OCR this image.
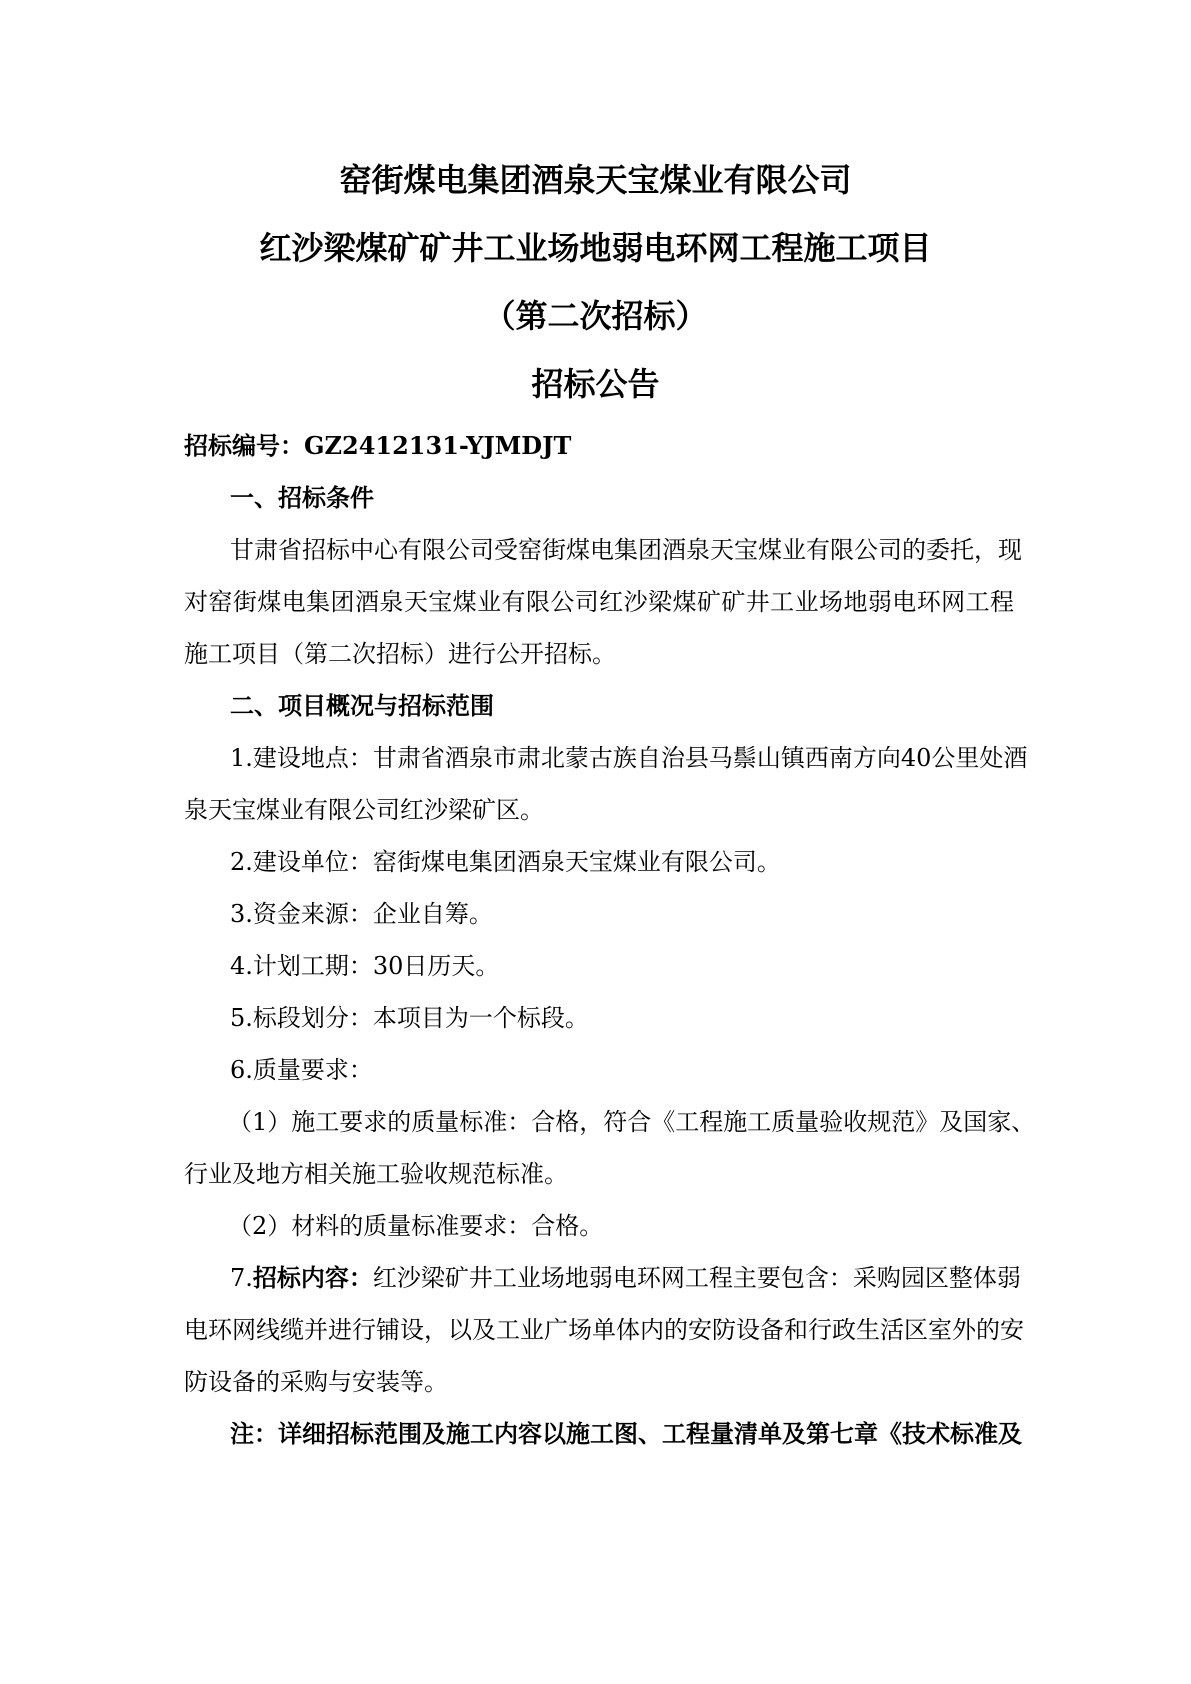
窑街煤电集团酒泉天宝煤业有限公司
红沙梁煤矿矿井工业场地弱电环网工程施工项目
（第二次招标）
招标公告
招标编号：GZ2412131-YJMDJT
一、招标条件
甘肃省招标中心有限公司受窑街煤电集团酒泉天宝煤业有限公司的委托，现
对窑街煤电集团酒泉天宝煤业有限公司红沙梁煤矿矿井工业场地弱电环网工程
施工项目（第二次招标）进行公开招标。
二、项目概况与招标范围
1.建设地点：甘肃省酒泉市肃北蒙古族自治县马鬃山镇西南方向40公里处酒
泉天宝煤业有限公司红沙梁矿区。
2.建设单位：窑街煤电集团酒泉天宝煤业有限公司。
3.资金来源：企业自筹。
4.计划工期：30日历天。
5.标段划分：本项目为一个标段。
6.质量要求：
（1）施工要求的质量标准：合格，符合《工程施工质量验收规范》及国家、
行业及地方相关施工验收规范标准。
（2）材料的质量标准要求：合格。
7.招标内容：红沙梁矿井工业场地弱电环网工程主要包含：采购园区整体弱
电环网线缆并进行铺设，以及工业广场单体内的安防设备和行政生活区室外的安
防设备的采购与安装等。
注：详细招标范围及施工内容以施工图、工程量清单及第七章《技术标准及
